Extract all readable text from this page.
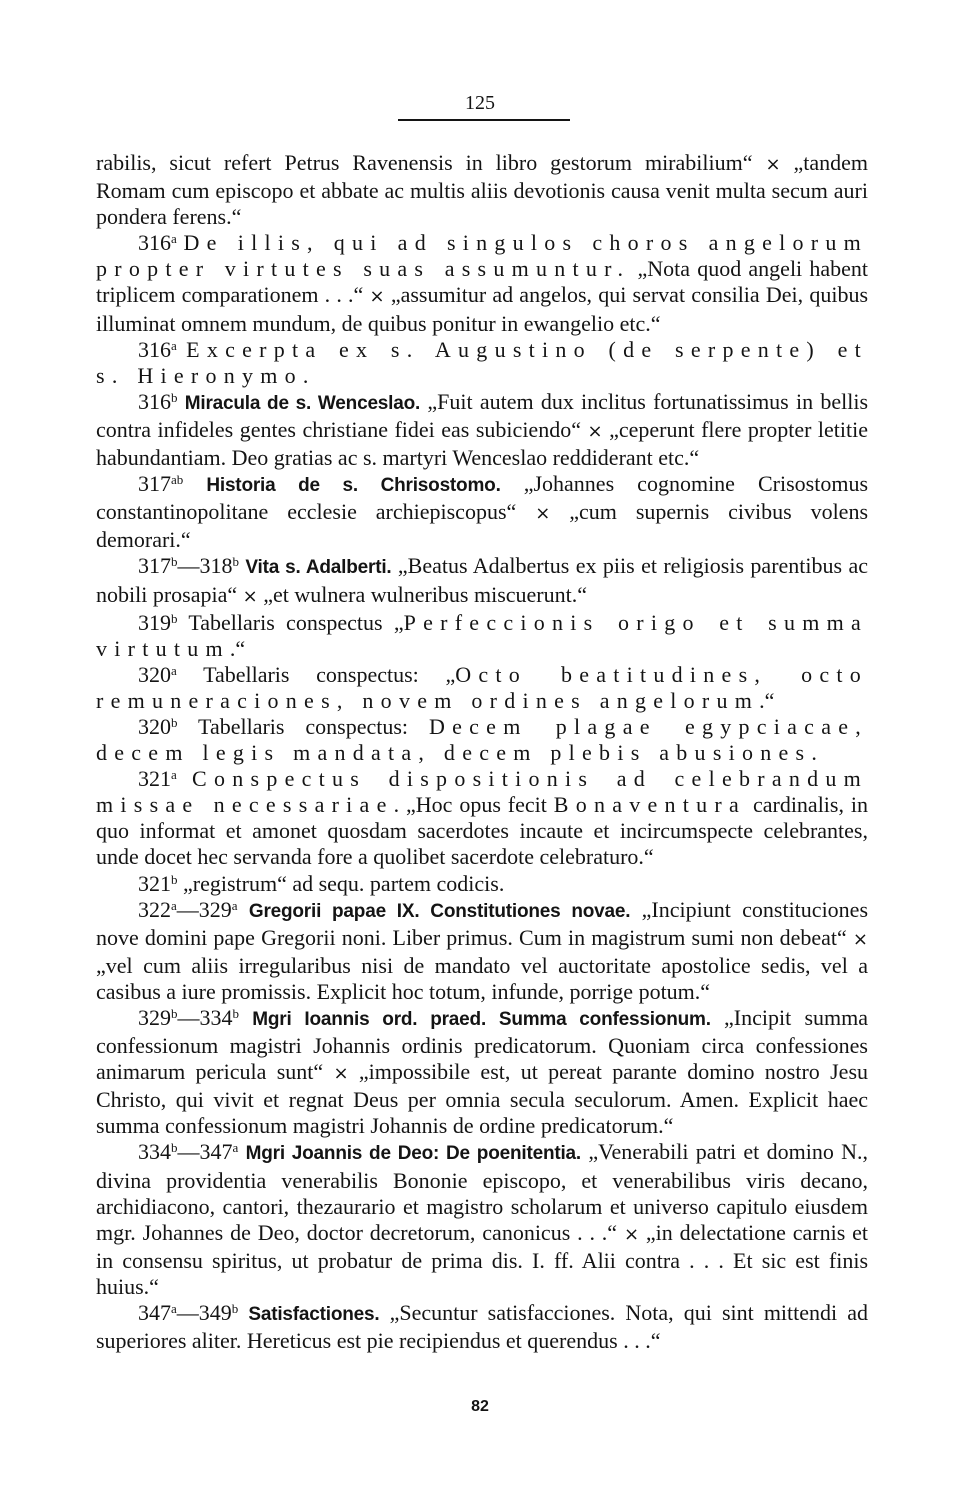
125

rabilis, sicut refert Petrus Ravenensis in libro gestorum mirabilium“ × „tandem Romam cum episcopo et abbate ac multis aliis devotionis causa venit multa secum auri pondera ferens.“

316$^a$ De illis, qui ad singulos choros angelorum propter virtutes suas assumuntur. „Nota quod angeli habent triplicem comparationem . . .“ × „assumitur ad angelos, qui servat consilia Dei, quibus illuminat omnem mundum, de quibus ponitur in ewangelio etc.“

316$^a$ Excerpta ex s. Augustino (de serpente) et s. Hieronymo.

316$^b$ Miracula de s. Wenceslao. „Fuit autem dux inclitus fortunatissimus in bellis contra infideles gentes christiane fidei eas subiciendo“ × „ceperunt flere propter letitie habundantiam. Deo gratias ac s. martyri Wenceslao reddiderant etc.“

$317^{ab}$ Historia de s. Chrisostomo. „Johannes cognomine Crisostomus constantinopolitane ecclesie archiepiscopus“ × „cum supernis civibus volens demorari.“

317$^b$—318$^b$ Vita s. Adalberti. „Beatus Adalbertus ex piis et religiosis parentibus ac nobili prosapia“ × „et wulnera wulneribus miscuerunt.“

319$^b$ Tabellaris conspectus „Perfeccionis origo et summa virtutum.“

320$^a$ Tabellaris conspectus: „Octo beatitudines, octo remuneraciones, novem ordines angelorum.“

320$^b$ Tabellaris conspectus: Decem plagae egypciacae, decem legis mandata, decem plebis abusiones.

321$^a$ Conspectus dispositionis ad celebrandum missae necessariae. „Hoc opus fecit Bonaventura cardinalis, in quo informat et amonet quosdam sacerdotes incaute et incircumspecte celebrantes, unde docet hec servanda fore a quolibet sacerdote celebraturo.“

321$^b$ „registrum“ ad sequ. partem codicis.

322$^a$—329$^a$ Gregorii papae IX. Constitutiones novae. „Incipiunt constituciones nove domini pape Gregorii noni. Liber primus. Cum in magistrum sumi non debeat“ × „vel cum aliis irregularibus nisi de mandato vel auctoritate apostolice sedis, vel a casibus a iure promissis. Explicit hoc totum, infunde, porrige potum.“

329$^b$—334$^b$ Mgri Ioannis ord. praed. Summa confessionum. „Incipit summa confessionum magistri Johannis ordinis predicatorum. Quoniam circa confessiones animarum pericula sunt“ × „impossibile est, ut pereat parante domino nostro Jesu Christo, qui vivit et regnat Deus per omnia secula seculorum. Amen. Explicit haec summa confessionum magistri Johannis de ordine predicatorum.“

334$^b$—347$^a$ Mgri Joannis de Deo: De poenitentia. „Venerabili patri et domino N., divina providentia venerabilis Bononie episcopo, et venerabilibus viris decano, archidiacono, cantori, thezaurario et magistro scholarum et universo capitulo eiusdem mgr. Johannes de Deo, doctor decretorum, canonicus . . .“ × „in delectatione carnis et in consensu spiritus, ut probatur de prima dis. I. ff. Alii contra . . . Et sic est finis huius.“

347$^a$—349$^b$ Satisfactiones. „Secuntur satisfacciones. Nota, qui sint mittendi ad superiores aliter. Hereticus est pie recipiendus et querendus . . .“

82
